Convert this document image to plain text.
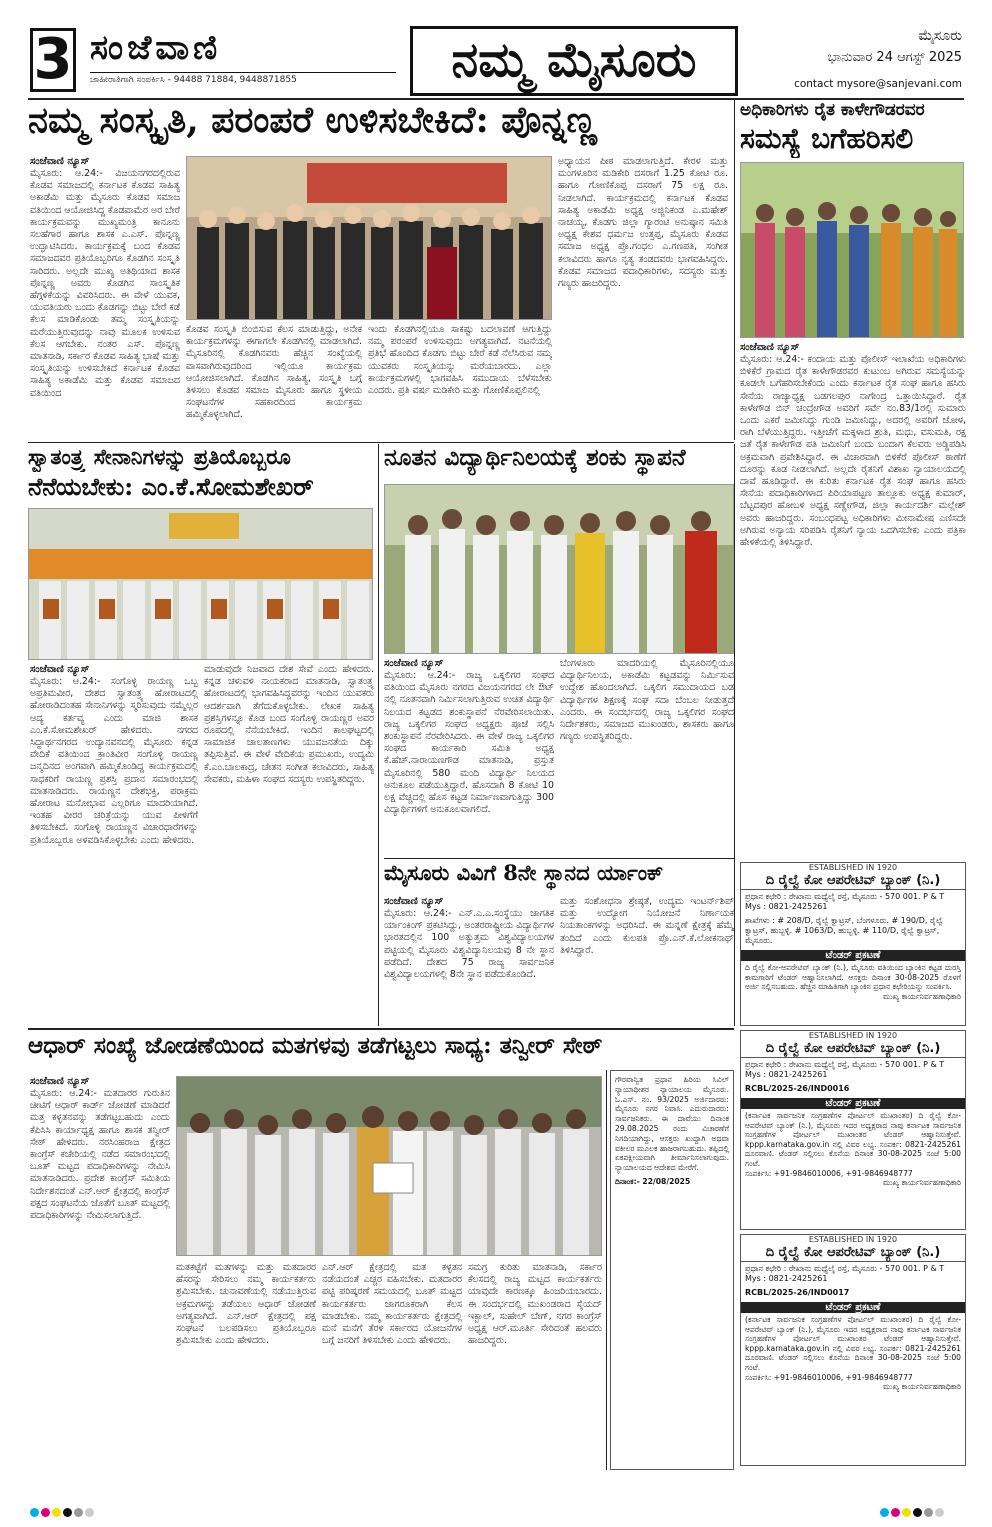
3 ಸಂಜೆವಾಣಿ
ಜಾಹೀರಾತಿಗಾಗಿ ಸಂಪರ್ಕಿಸಿ - 94488 71884, 9448871855	ನಮ್ಮ ಮೈಸೂರು	ಮೈಸೂರು
ಭಾನುವಾರ 24 ಆಗಸ್ಟ್ 2025
contact mysore@sanjevani.com
ನಮ್ಮ ಸಂಸ್ಕೃತಿ, ಪರಂಪರೆ ಉಳಿಸಬೇಕಿದೆ: ಪೊನ್ನಣ್ಣ
ಸಂಜೆವಾಣಿ ನ್ಯೂಸ್
ಮೈಸೂರು: ಆ.24:- ವಿಜಯನಗರದಲ್ಲಿರುವ ಕೊಡವ ಸಮಾಜದಲ್ಲಿ ಕರ್ನಾಟಕ ಕೊಡವ ಸಾಹಿತ್ಯ ಅಕಾಡೆಮಿ ಮತ್ತು ಮೈಸೂರು ಕೊಡವ ಸಮಾಜ ವತಿಯಿಂದ ಆಯೋಜಿಸಿದ್ದ ಕೊಡವಾಮೆರ ಅರ ಬೇರೆ ಕಾರ್ಯಕ್ರಮವನ್ನು ಮುಖ್ಯಮಂತ್ರಿ ಕಾನೂನು ಸಲಹೆಗಾರ ಹಾಗೂ ಶಾಸಕ ಎ.ಎಸ್. ಪೊನ್ನಣ್ಣ ಉದ್ಘಾಟಿಸಿದರು. ಕಾರ್ಯಕ್ರಮಕ್ಕೆ ಬಂದ ಕೊಡವ ಸಮಾಜದವರ ಪ್ರತಿಯೊಬ್ಬರಿಗೂ ಕೊಡಗಿನ ಸಂಸ್ಕೃತಿ ಸಾರಿದರು. ಅಲ್ಲದೇ ಮುಖ್ಯ ಅತಿಥಿಯಾದ ಶಾಸಕ ಪೊನ್ನಣ್ಣ ಅವರು ಕೊಡಗಿನ ಸಾಂಸ್ಕೃತಿಕ ಹೆಗ್ಗಳಿಕೆಯನ್ನು ವಿವರಿಸಿದರು. ಈ ವೇಳೆ ಯುವಕ, ಯುವತಿಯರು ಬಂದು ಕೊಡಗನ್ನು ಬಿಟ್ಟು ಬೇರೆ ಕಡೆ ಕೆಲಸ ಮಾಡಿಕೊಂಡು ತಮ್ಮ ಸಂಸ್ಕೃತಿಯನ್ನು ಮರೆಯುತ್ತಿರುವುದನ್ನು ನಾವು ಮೂಲಕ ಉಳಿಸುವ ಕೆಲಸ ಆಗಬೇಕು. ನಂತರ ಎಸ್. ಪೊನ್ನಣ್ಣ ಮಾತನಾಡಿ, ಸರ್ಕಾರ ಕೊಡವ ಸಾಹಿತ್ಯ ಭಾಷೆ ಮತ್ತು ಸಂಸ್ಕೃತಿಯನ್ನು ಉಳಿಸಬೇಕಿದೆ ಕರ್ನಾಟಕ ಕೊಡವ ಸಾಹಿತ್ಯ ಅಕಾಡೆಮಿ ಮತ್ತು ಕೊಡವ ಸಮಾಜದ ವತಿಯಿಂದ
ಕೊಡವ ಸಂಸ್ಕೃತಿ ಬಿಂಬಿಸುವ ಕೆಲಸ ಮಾಡುತ್ತಿದ್ದು, ಅನೇಕ ಕಾರ್ಯಕ್ರಮಗಳನ್ನು ಈಗಾಗಲೇ ಕೊಡಗಿನಲ್ಲಿ ಮಾಡಲಾಗಿದೆ. ಮೈಸೂರಿನಲ್ಲಿ ಕೊಡಗಿನವರು ಹೆಚ್ಚಿನ ಸಂಖ್ಯೆಯಲ್ಲಿ ವಾಸವಾಗಿರುವುದರಿಂದ ಇಲ್ಲಿಯೂ ಕಾರ್ಯಕ್ರಮ ಆಯೋಜಿಸಲಾಗಿದೆ. ಕೊಡಗಿನ ಸಾಹಿತ್ಯ, ಸಂಸ್ಕೃತಿ ಬಗ್ಗೆ ತಿಳಿಸಲು ಕೊಡವ ಸಮಾಜ ಮೈಸೂರು ಹಾಗೂ ಸ್ಥಳೀಯ ಸಂಘಟನೆಗಳ ಸಹಕಾರದಿಂದ ಕಾರ್ಯಕ್ರಮ ಹಮ್ಮಿಕೊಳ್ಳಲಾಗಿದೆ.
ಇಂದು ಕೊಡಗಿನಲ್ಲಿಯೂ ಸಾಕಷ್ಟು ಬದಲಾವಣೆ ಆಗುತ್ತಿದ್ದು ನಮ್ಮ ಪರಂಪರೆ ಉಳಿಸುವುದು ಅಗತ್ಯವಾಗಿದೆ. ನಟನೆಯಲ್ಲಿ ಪ್ರತಿಭೆ ಹೊಂದಿದ ಕೊಡಗು ಬಿಟ್ಟು ಬೇರೆ ಕಡೆ ನೆಲೆಸಿರುವ ನಮ್ಮ ಯುವಕರು ಸಂಸ್ಕೃತಿಯನ್ನು ಮರೆಯಬಾರದು. ಎಲ್ಲಾ ಕಾರ್ಯಕ್ರಮಗಳಲ್ಲಿ ಭಾಗವಹಿಸಿ ಸಮುದಾಯ ಬೆಳೆಸಬೇಕು ಎಂದರು. ಪ್ರತಿ ವರ್ಷ ಮಡಿಕೇರಿ ಮತ್ತು ಗೋಣಿಕೊಪ್ಪಲಿನಲ್ಲಿ
ಅಧ್ಯಾಯನ ಪೀಠ ಮಾಡಲಾಗುತ್ತಿದೆ. ಕೇರಳ ಮತ್ತು ಮಂಗಳೂರಿನ ಮಡಿಕೇರಿ ದಸರಾಗೆ 1.25 ಕೋಟಿ ರೂ. ಹಾಗೂ ಗೋಣಿಕೊಪ್ಪ ದಸರಾಗೆ 75 ಲಕ್ಷ ರೂ. ನೀಡಲಾಗಿದೆ. ಕಾರ್ಯಕ್ರಮದಲ್ಲಿ ಕರ್ನಾಟಕ ಕೊಡವ ಸಾಹಿತ್ಯ ಅಕಾಡೆಮಿ ಅಧ್ಯಕ್ಷ ಅಜ್ಜಿನಿಕಂಡ ಎ.ಮಹೇಶ್ ನಾಚಯ್ಯ, ಕೊಡಗು ಜಿಲ್ಲಾ ಗ್ಯಾರಂಟಿ ಅನುಷ್ಠಾನ ಸಮಿತಿ ಅಧ್ಯಕ್ಷ ಕೇಶವ ಧರ್ಮಜ ಉತ್ತಪ್ಪ, ಮೈಸೂರು ಕೊಡವ ಸಮಾಜ ಅಧ್ಯಕ್ಷ ಪ್ರೊ.ಗಂಧಲ ಎ.ಗಣಪತಿ, ಸಂಗೀತ ಕಲಾವಿದರು ಹಾಗೂ ನೃತ್ಯ ತಂಡದವರು ಭಾಗವಹಿಸಿದ್ದರು. ಕೊಡವ ಸಮಾಜದ ಪದಾಧಿಕಾರಿಗಳು, ಸದಸ್ಯರು ಮತ್ತು ಗಣ್ಯರು ಹಾಜರಿದ್ದರು.
ಅಧಿಕಾರಿಗಳು ರೈತ ಕಾಳೇಗೌಡರವರ
ಸಮಸ್ಯೆ ಬಗೆಹರಿಸಲಿ
ಸಂಜೆವಾಣಿ ನ್ಯೂಸ್
ಮೈಸೂರು: ಆ.24:- ಕಂದಾಯ ಮತ್ತು ಪೊಲೀಸ್ ಇಲಾಖೆಯ ಅಧಿಕಾರಿಗಳು ಬಿಳಿಕೆರೆ ಗ್ರಾಮದ ರೈತ ಕಾಳೇಗೌಡರವರ ಕುಟುಂಬ ಅಗಿರುವ ಸಮಸ್ಯೆಯನ್ನು ಕೂಡಲೇ ಬಗೆಹರಿಸಬೇಕೆಂದು ಎಂದು ಕರ್ನಾಟಕ ರೈತ ಸಂಘ ಹಾಗೂ ಹಸಿರು ಸೇನೆಯ ರಾಜ್ಯಾಧ್ಯಕ್ಷ ಬಡಗಲಪುರ ನಾಗೇಂದ್ರ ಒತ್ತಾಯಿಸಿದ್ದಾರೆ. ರೈತ ಕಾಳೇಗೌಡ ಬಿನ್ ಚಂದ್ರೇಗೌಡ ಅವರಿಗೆ ಸರ್ವೆ ನಂ.83/1ರಲ್ಲಿ ಸುಮಾರು ಒಂದು ಎಕರೆ ಜಮೀನಿದ್ದು ಗುಂಡಿ ಜಮೀನಿದ್ದು, ಅದರಲ್ಲಿ ಅವರಿಗೆ ಜೋಳ, ರಾಗಿ ಬೆಳೆಯುತ್ತಿದ್ದರು. ಇತ್ತೀಚೆಗೆ ಮಕ್ಕಳಾದ ಶ್ರುತಿ, ಮಧು, ವಸುಮತಿ, ರಕ್ಷ ಜತೆ ರೈತ ಕಾಳೇಗೌಡ ಪತಿ ಜಮೀನಿಗೆ ಬಂದು ಬಂದಾಗ ಕೆಲವರು ಅಡ್ಡಿಪಡಿಸಿ ಅಕ್ರಮವಾಗಿ ಪ್ರವೇಶಿಸಿದ್ದಾರೆ. ಈ ವಿಚಾರವಾಗಿ ಬಿಳಿಕೆರೆ ಪೊಲೀಸ್ ಠಾಣೆಗೆ ದೂರನ್ನು ಕೂಡ ನೀಡಲಾಗಿದೆ. ಅಲ್ಲದೇ ರೈತನಿಗೆ ವಿಶಾಖ ನ್ಯಾಯಾಲಯದಲ್ಲಿ ದಾವೆ ಹೂಡಿದ್ದಾರೆ. ಈ ಕುರಿತು ಕರ್ನಾಟಕ ರೈತ ಸಂಘ ಹಾಗೂ ಹಸಿರು ಸೇನೆಯ ಪದಾಧಿಕಾರಿಗಳಾದ ಪಿರಿಯಾಪಟ್ಟಣ ತಾಲ್ಲೂಕು ಅಧ್ಯಕ್ಷ ಕುಮಾರ್, ಬೆಟ್ಟದಪುರ ಹೋಬಳಿ ಅಧ್ಯಕ್ಷ ಸಣ್ಣೇಗೌಡ, ಜಿಲ್ಲಾ ಕಾರ್ಯದರ್ಶಿ ಮಲ್ಲೇಶ್ ಅವರು ಹಾಜರಿದ್ದರು. ಸಂಬಂಧಪಟ್ಟ ಅಧಿಕಾರಿಗಳು ಮೀನಾಮೇಷ ಎಣಿಸದೇ ಅಗಿರುವ ಅನ್ಯಾಯ ಸರಿಪಡಿಸಿ ರೈತನಿಗೆ ನ್ಯಾಯ ಒದಗಿಸಬೇಕು ಎಂದು ಪತ್ರಿಕಾ ಹೇಳಿಕೆಯಲ್ಲಿ ತಿಳಿಸಿದ್ದಾರೆ.
ಸ್ವಾತಂತ್ರ್ಯ ಸೇನಾನಿಗಳನ್ನು ಪ್ರತಿಯೊಬ್ಬರೂ
ನೆನೆಯಬೇಕು: ಎಂ.ಕೆ.ಸೋಮಶೇಖರ್
ಸಂಜೆವಾಣಿ ನ್ಯೂಸ್
ಮೈಸೂರು: ಆ.24:- ಸಂಗೊಳ್ಳಿ ರಾಯಣ್ಣ ಒಬ್ಬ ಅಪ್ರತಿಮವೀರ, ದೇಶದ ಸ್ವಾತಂತ್ರ್ಯ ಹೋರಾಟದಲ್ಲಿ ಹೋರಾಡಿದಂತಹ ಸೇನಾನಿಗಳನ್ನು ಸ್ಮರಿಸುವುದು ನಮ್ಮೆಲ್ಲರ ಆದ್ಯ ಕರ್ತವ್ಯ ಎಂದು ಮಾಜಿ ಶಾಸಕ ಎಂ.ಕೆ.ಸೋಮಶೇಖರ್ ಹೇಳಿದರು. ನಗರದ ಸಿದ್ಧಾರ್ಥನಗರದ ಉದ್ಯಾನವನದಲ್ಲಿ ಮೈಸೂರು ಕನ್ನಡ ವೇದಿಕೆ ವತಿಯಿಂದ ಕ್ರಾಂತಿವೀರ ಸಂಗೊಳ್ಳಿ ರಾಯಣ್ಣ ಜನ್ಮದಿನದ ಅಂಗವಾಗಿ ಹಮ್ಮಿಕೊಂಡಿದ್ದ ಕಾರ್ಯಕ್ರಮದಲ್ಲಿ ಸಾಧಕರಿಗೆ ರಾಯಣ್ಣ ಪ್ರಶಸ್ತಿ ಪ್ರದಾನ ಸಮಾರಂಭದಲ್ಲಿ ಮಾತನಾಡಿದರು. ರಾಯಣ್ಣನ ದೇಶಭಕ್ತಿ, ಪರಾಕ್ರಮ ಹೋರಾಟ ಮನೋಭಾವ ಎಲ್ಲರಿಗೂ ಮಾದರಿಯಾಗಿದೆ. ಇಂತಹ ವೀರರ ಚರಿತ್ರೆಯನ್ನು ಯುವ ಪೀಳಿಗೆಗೆ ತಿಳಿಸಬೇಕಿದೆ. ಸಂಗೊಳ್ಳಿ ರಾಯಣ್ಣನ ವಿಚಾರಧಾರೆಗಳನ್ನು ಪ್ರತಿಯೊಬ್ಬರೂ ಅಳವಡಿಸಿಕೊಳ್ಳಬೇಕು ಎಂದು ಹೇಳಿದರು.
ಮಾಡುವುದೇ ನಿಜವಾದ ದೇಶ ಸೇವೆ ಎಂದು ಹೇಳಿದರು. ಕನ್ನಡ ಚಳುವಳಿ ನಾಯಕರಾದ ಮಾತನಾಡಿ, ಸ್ವಾತಂತ್ರ್ಯ ಹೋರಾಟದಲ್ಲಿ ಭಾಗವಹಿಸಿದ್ದವರನ್ನು ಇಂದಿನ ಯುವಕರು ಆದರ್ಶವಾಗಿ ತೆಗೆದುಕೊಳ್ಳಬೇಕು. ಲೇಖಕ ಸಾಹಿತ್ಯ ಪ್ರಶಸ್ತಿಗಳನ್ನೂ ಕೊಡ ಬಂದ ಸಂಗೊಳ್ಳಿ ರಾಯಣ್ಣರ ಅವರ ರೂಪದಲ್ಲಿ ನೆನೆಯಬೇಕಿದೆ. ಇಂದಿನ ಕಾಲಘಟ್ಟದಲ್ಲಿ ಸಾಮಾಜಿಕ ಜಾಲತಾಣಗಳು ಯುವಜನತೆಯ ದಿಕ್ಕು ತಪ್ಪಿಸುತ್ತಿವೆ. ಈ ವೇಳೆ ವೇದಿಕೆಯ ಪ್ರಮುಖರು, ಉದ್ಯಮಿ ಕೆ.ಎಂ.ಬಾಲಕಾದ್ರ, ಚೇತನ ಸಂಗೀತ ಕಲಾವಿದರು, ಸಾಹಿತ್ಯ ಸೇವಕರು, ಮಹಿಳಾ ಸಂಘದ ಸದಸ್ಯರು ಉಪಸ್ಥಿತರಿದ್ದರು.
ನೂತನ ವಿದ್ಯಾರ್ಥಿನಿಲಯಕ್ಕೆ ಶಂಕು ಸ್ಥಾಪನೆ
ಸಂಜೆವಾಣಿ ನ್ಯೂಸ್
ಮೈಸೂರು: ಆ.24:- ರಾಜ್ಯ ಒಕ್ಕಲಿಗರ ಸಂಘದ ವತಿಯಿಂದ ಮೈಸೂರು ನಗರದ ವಿಜಯನಗರದ ಲೇ ಔಟ್ ನಲ್ಲಿ ನೂತನವಾಗಿ ನಿರ್ಮಿಸಲಾಗುತ್ತಿರುವ ಉಚಿತ ವಿದ್ಯಾರ್ಥಿ ನಿಲಯದ ಕಟ್ಟಡದ ಶಂಕುಸ್ಥಾಪನೆ ನೆರವೇರಿಸಲಾಯಿತು. ರಾಜ್ಯ ಒಕ್ಕಲಿಗರ ಸಂಘದ ಅಧ್ಯಕ್ಷರು ಪೂಜೆ ಸಲ್ಲಿಸಿ ಶಂಕುಸ್ಥಾಪನೆ ನೆರವೇರಿಸಿದರು. ಈ ವೇಳೆ ರಾಜ್ಯ ಒಕ್ಕಲಿಗರ ಸಂಘದ ಕಾರ್ಯಕಾರಿ ಸಮಿತಿ ಅಧ್ಯಕ್ಷ ಕೆ.ಹೆಚ್.ನಾರಾಯಣಗೌಡ ಮಾತನಾಡಿ, ಪ್ರಸ್ತುತ ಮೈಸೂರಿನಲ್ಲಿ 580 ಮಂದಿ ವಿದ್ಯಾರ್ಥಿ ನಿಲಯದ ಅನುಕೂಲ ಪಡೆಯುತ್ತಿದ್ದಾರೆ. ಹೊಸದಾಗಿ 8 ಕೋಟಿ 10 ಲಕ್ಷ ವೆಚ್ಚದಲ್ಲಿ ಹೊಸ ಕಟ್ಟಡ ನಿರ್ಮಾಣವಾಗುತ್ತಿದ್ದು 300 ವಿದ್ಯಾರ್ಥಿಗಳಿಗೆ ಅನುಕೂಲವಾಗಲಿದೆ.
ಬೆಂಗಳೂರು ಮಾದರಿಯಲ್ಲಿ ಮೈಸೂರಿನಲ್ಲಿಯೂ ವಿದ್ಯಾರ್ಥಿನಿಲಯ, ಅಕಾಡೆಮಿ ಕಟ್ಟಡವನ್ನು ನಿರ್ಮಿಸುವ ಉದ್ದೇಶ ಹೊಂದಲಾಗಿದೆ. ಒಕ್ಕಲಿಗ ಸಮುದಾಯದ ಬಡ ವಿದ್ಯಾರ್ಥಿಗಳ ಶಿಕ್ಷಣಕ್ಕೆ ಸಂಘ ಸದಾ ಬೆಂಬಲ ನೀಡುತ್ತದೆ ಎಂದರು. ಈ ಸಂದರ್ಭದಲ್ಲಿ ರಾಜ್ಯ ಒಕ್ಕಲಿಗರ ಸಂಘದ ನಿರ್ದೇಶಕರು, ಸಮಾಜದ ಮುಖಂಡರು, ಶಾಸಕರು ಹಾಗೂ ಗಣ್ಯರು ಉಪಸ್ಥಿತರಿದ್ದರು.
ಮೈಸೂರು ವಿವಿಗೆ 8ನೇ ಸ್ಥಾನದ ರ್ಯಾಂಕ್
ಸಂಜೆವಾಣಿ ನ್ಯೂಸ್
ಮೈಸೂರು: ಆ.24:- ಎನ್.ಎ.ಎ.ಸಂಸ್ಥೆಯು ಜಾಗತಿಕ ರ್ಯಾಂಕಿಂಗ್ ಪ್ರಕಟಿಸಿದ್ದು, ಅಂತರರಾಷ್ಟ್ರೀಯ ವಿದ್ಯಾರ್ಥಿಗಳ ಭಾರತದಲ್ಲಿನ 100 ಅತ್ಯುತ್ತಮ ವಿಶ್ವವಿದ್ಯಾಲಯಗಳ ಪಟ್ಟಿಯಲ್ಲಿ ಮೈಸೂರು ವಿಶ್ವವಿದ್ಯಾನಿಲಯವು 8 ನೇ ಸ್ಥಾನ ಪಡೆದಿದೆ. ದೇಶದ 75 ರಾಜ್ಯ ಸಾರ್ವಜನಿಕ ವಿಶ್ವವಿದ್ಯಾಲಯಗಳಲ್ಲಿ 8ನೇ ಸ್ಥಾನ ಪಡೆದುಕೊಂಡಿದೆ.
ಮತ್ತು ಸಂಶೋಧನಾ ಶ್ರೇಷ್ಠತೆ, ಉದ್ಯಮ ಇಂಟರ್ನ್‌ಶಿಪ್ ಮತ್ತು ಉದ್ಯೋಗ ನಿಯೋಜನೆ ನಿರ್ಣಾಯಕ ನಿಯತಾಂಕಗಳನ್ನು ಅಧರಿಸಿದೆ. ಈ ಮನ್ನಣೆ ಕ್ಷೇತ್ರಕ್ಕೆ ಹೆಮ್ಮೆ ತಂದಿದೆ ಎಂದು ಕುಲಪತಿ ಪ್ರೊ.ಎನ್.ಕೆ.ಲೋಕನಾಥ್ ತಿಳಿಸಿದ್ದಾರೆ.
ESTABLISHED IN 1920
ದಿ ರೈಲ್ವೆ ಕೋ ಆಪರೇಟಿವ್ ಬ್ಯಾಂಕ್ (ನಿ.)
ಪ್ರಧಾನ ಕಛೇರಿ : ರೇಖಾನು ಮಧ್ಯೆಲೈ ರಸ್ತೆ, ಮೈಸೂರು - 570 001. P & T Mys : 0821-2425261
ಶಾಖೆಗಳು : # 208/D, ರೈಲ್ವೆ ಕ್ವಾಟ್ರಸ್, ಬೆಂಗಳೂರು. # 190/D, ರೈಲ್ವೆ ಕ್ವಾಟ್ರಸ್, ಹುಬ್ಬಳ್ಳಿ. # 1063/D, ಹುಬ್ಬಳ್ಳಿ. # 110/D, ರೈಲ್ವೆ ಕ್ವಾಟ್ರಸ್, ಮೈಸೂರು.
ಟೆಂಡರ್ ಪ್ರಕಟಣೆ
ದಿ ರೈಲ್ವೆ ಕೋ-ಆಪರೇಟಿವ್ ಬ್ಯಾಂಕ್ (ನಿ.), ಮೈಸೂರು ವತಿಯಿಂದ ಬ್ಯಾಂಕಿನ ಕಟ್ಟಡ ದುರಸ್ತಿ ಕಾಮಗಾರಿಗೆ ಟೆಂಡರ್ ಆಹ್ವಾನಿಸಲಾಗಿದೆ. ಆಸಕ್ತರು ದಿನಾಂಕ 30-08-2025 ರೊಳಗೆ ಅರ್ಜಿ ಸಲ್ಲಿಸಬಹುದು. ಹೆಚ್ಚಿನ ಮಾಹಿತಿಗಾಗಿ ಬ್ಯಾಂಕಿನ ಪ್ರಧಾನ ಕಛೇರಿಯನ್ನು ಸಂಪರ್ಕಿಸಿ.
ಮುಖ್ಯ ಕಾರ್ಯನಿರ್ವಹಣಾಧಿಕಾರಿ
ESTABLISHED IN 1920
ದಿ ರೈಲ್ವೆ ಕೋ ಆಪರೇಟಿವ್ ಬ್ಯಾಂಕ್ (ನಿ.)
ಪ್ರಧಾನ ಕಛೇರಿ : ರೇಖಾನು ಮಧ್ಯೆಲೈ ರಸ್ತೆ, ಮೈಸೂರು - 570 001. P & T Mys : 0821-2425261
RCBL/2025-26/IND0016
ಟೆಂಡರ್ ಪ್ರಕಟಣೆ
(ಕರ್ನಾಟಕ ಸಾರ್ವಜನಿಕ ಸಂಗ್ರಹಣೆಗಳ ಪೋರ್ಟಲ್ ಮುಖಾಂತರ) ದಿ ರೈಲ್ವೆ ಕೋ-ಆಪರೇಟಿವ್ ಬ್ಯಾಂಕ್ (ನಿ.), ಮೈಸೂರು ಇದರ ಅಧ್ಯಕ್ಷರಾದ ನಾವು ಕರ್ನಾಟಕ ಸಾರ್ವಜನಿಕ ಸಂಗ್ರಹಣೆಗಳ ಪೋರ್ಟಲ್ ಮುಖಾಂತರ ಟೆಂಡರ್ ಆಹ್ವಾನಿಸುತ್ತೇವೆ. kppp.karnataka.gov.in ನಲ್ಲಿ ವಿವರ ಲಭ್ಯ. ಸಂಪರ್ಕ: 0821-2425261 ದೂರವಾಣಿ. ಟೆಂಡರ್ ಸಲ್ಲಿಸಲು ಕೊನೆಯ ದಿನಾಂಕ 30-08-2025 ಸಂಜೆ 5:00 ಗಂಟೆ.
ಸಂಪರ್ಕಿಸಿ: +91-9846010006, +91-9846948777
ಮುಖ್ಯ ಕಾರ್ಯನಿರ್ವಹಣಾಧಿಕಾರಿ
ESTABLISHED IN 1920
ದಿ ರೈಲ್ವೆ ಕೋ ಆಪರೇಟಿವ್ ಬ್ಯಾಂಕ್ (ನಿ.)
ಪ್ರಧಾನ ಕಛೇರಿ : ರೇಖಾನು ಮಧ್ಯೆಲೈ ರಸ್ತೆ, ಮೈಸೂರು - 570 001. P & T Mys : 0821-2425261
RCBL/2025-26/IND0017
ಟೆಂಡರ್ ಪ್ರಕಟಣೆ
(ಕರ್ನಾಟಕ ಸಾರ್ವಜನಿಕ ಸಂಗ್ರಹಣೆಗಳ ಪೋರ್ಟಲ್ ಮುಖಾಂತರ) ದಿ ರೈಲ್ವೆ ಕೋ-ಆಪರೇಟಿವ್ ಬ್ಯಾಂಕ್ (ನಿ.), ಮೈಸೂರು ಇದರ ಅಧ್ಯಕ್ಷರಾದ ನಾವು ಕರ್ನಾಟಕ ಸಾರ್ವಜನಿಕ ಸಂಗ್ರಹಣೆಗಳ ಪೋರ್ಟಲ್ ಮುಖಾಂತರ ಟೆಂಡರ್ ಆಹ್ವಾನಿಸುತ್ತೇವೆ. kppp.karnataka.gov.in ನಲ್ಲಿ ವಿವರ ಲಭ್ಯ. ಸಂಪರ್ಕ: 0821-2425261 ದೂರವಾಣಿ. ಟೆಂಡರ್ ಸಲ್ಲಿಸಲು ಕೊನೆಯ ದಿನಾಂಕ 30-08-2025 ಸಂಜೆ 5:00 ಗಂಟೆ.
ಸಂಪರ್ಕಿಸಿ: +91-9846010006, +91-9846948777
ಮುಖ್ಯ ಕಾರ್ಯನಿರ್ವಹಣಾಧಿಕಾರಿ
ಆಧಾರ್ ಸಂಖ್ಯೆ ಜೋಡಣೆಯಿಂದ ಮತಗಳವು ತಡೆಗಟ್ಟಲು ಸಾಧ್ಯ: ತನ್ವೀರ್ ಸೇಠ್
ಸಂಜೆವಾಣಿ ನ್ಯೂಸ್
ಮೈಸೂರು: ಆ.24:- ಮತದಾರರ ಗುರುತಿನ ಚೀಟಿಗೆ ಆಧಾರ್ ಕಾರ್ಡ್ ಜೋಡಣೆ ಮಾಡಿದರೆ ಮತ್ತ ಕಳ್ಳತನವನ್ನು ತಡೆಗಟ್ಟಬಹುದು ಎಂದು ಕೆಪಿಸಿಸಿ ಕಾರ್ಯಾಧ್ಯಕ್ಷ ಹಾಗೂ ಶಾಸಕ ತನ್ವೀರ್ ಸೇಠ್ ಹೇಳಿದರು. ನರಸಿಂಹರಾಜ ಕ್ಷೇತ್ರದ ಕಾಂಗ್ರೆಸ್ ಕಚೇರಿಯಲ್ಲಿ ನಡೆದ ಸಮಾರಂಭದಲ್ಲಿ ಬೂತ್ ಮಟ್ಟದ ಪದಾಧಿಕಾರಿಗಳನ್ನು ನೇಮಿಸಿ ಮಾತನಾಡಿದರು. ಪ್ರದೇಶ ಕಾಂಗ್ರೆಸ್ ಸಮಿತಿಯ ನಿರ್ದೇಶನದಂತೆ ಎನ್.ಆರ್ ಕ್ಷೇತ್ರದಲ್ಲಿ ಕಾಂಗ್ರೆಸ್ ಪಕ್ಷದ ಸಂಘಟನೆಯ ಜೊತೆಗೆ ಬೂತ್ ಮಟ್ಟದಲ್ಲಿ ಪದಾಧಿಕಾರಿಗಳನ್ನು ನೇಮಿಸಲಾಗುತ್ತಿದೆ.
ಮತಕಟ್ಟೆಗೆ ಮತಗಳನ್ನು ಮತ್ತು ಮತದಾರರ ಹೆಸರನ್ನು ಸೇರಿಸಲು ನಮ್ಮ ಕಾರ್ಯಕರ್ತರು ಶ್ರಮಿಸಬೇಕು. ಚುನಾವಣೆಯಲ್ಲಿ ನಡೆಯುತ್ತಿರುವ ಅಕ್ರಮಗಳನ್ನು ತಡೆಯಲು ಆಧಾರ್ ಜೋಡಣೆ ಅಗತ್ಯವಾಗಿದೆ. ಎನ್.ಆರ್ ಕ್ಷೇತ್ರದಲ್ಲಿ ಪಕ್ಷ ಸಂಘಟನೆ ಬಲಪಡಿಸಲು ಪ್ರತಿಯೊಬ್ಬರೂ ಶ್ರಮಿಸಬೇಕು ಎಂದು ಹೇಳಿದರು.
ಎನ್.ಆರ್ ಕ್ಷೇತ್ರದಲ್ಲಿ ಮತ ಕಳ್ಳತನ ನಡೆಯದಂತೆ ಎಚ್ಚರ ವಹಿಸಬೇಕು. ಮತದಾರರ ಪಟ್ಟಿ ಪರಿಷ್ಕರಣೆ ಸಮಯದಲ್ಲಿ ಬೂತ್ ಮಟ್ಟದ ಕಾರ್ಯಕರ್ತರು ಜಾಗರೂಕರಾಗಿ ಕೆಲಸ ಮಾಡಬೇಕು. ನಮ್ಮ ಕಾರ್ಯಕರ್ತರು ಕ್ಷೇತ್ರದಲ್ಲಿ ಮನೆ ಮನೆಗೆ ತೆರಳಿ ಸರ್ಕಾರದ ಯೋಜನೆಗಳ ಬಗ್ಗೆ ಜನರಿಗೆ ತಿಳಿಸಬೇಕು ಎಂದು ಹೇಳಿದರು.
ಸಮಗ್ರ ಕುರಿತು ಮಾತನಾಡಿ, ಸರ್ಕಾರ ಕೆಲಸದಲ್ಲಿ ರಾಜ್ಯ ಮಟ್ಟದ ಕಾರ್ಯಕರ್ತರು ಯಾವುದೇ ಕಾರಣಕ್ಕೂ ಹಿಂಜರಿಯಬಾರದು. ಈ ಸಂದರ್ಭದಲ್ಲಿ ಮುಖಂಡರಾದ ಸೈಯದ್ ಇಕ್ಬಾಲ್, ಸುಹೇಲ್ ಬೇಗ್, ನಗರ ಕಾಂಗ್ರೆಸ್ ಅಧ್ಯಕ್ಷ ಆರ್.ಮೂರ್ತಿ ಸೇರಿದಂತೆ ಹಲವರು ಹಾಜರಿದ್ದರು.
ಗೌರವಾನ್ವಿತ ಪ್ರಧಾನ ಹಿರಿಯ ಸಿವಿಲ್ ನ್ಯಾಯಾಧೀಶರ ನ್ಯಾಯಾಲಯ ಮೈಸೂರು. ಓ.ಎಸ್. ನಂ. 93/2025 ಅರ್ಜಿದಾರರು: ಮೈಸೂರು ನಗರ ನಿವಾಸಿ. ಎದುರುದಾರರು: ಸಾರ್ವಜನಿಕರು. ಈ ದಾವೆಯು ದಿನಾಂಕ 29.08.2025 ರಂದು ವಿಚಾರಣೆಗೆ ನಿಗದಿಯಾಗಿದ್ದು, ಆಸಕ್ತರು ಖುದ್ದಾಗಿ ಅಥವಾ ವಕೀಲರ ಮೂಲಕ ಹಾಜರಾಗಬಹುದು. ತಪ್ಪಿದಲ್ಲಿ ಏಕಪಕ್ಷೀಯವಾಗಿ ತೀರ್ಮಾನಿಸಲಾಗುವುದು. ನ್ಯಾಯಾಲಯದ ಆದೇಶದ ಮೇರೆಗೆ.
ದಿನಾಂಕ:- 22/08/2025
